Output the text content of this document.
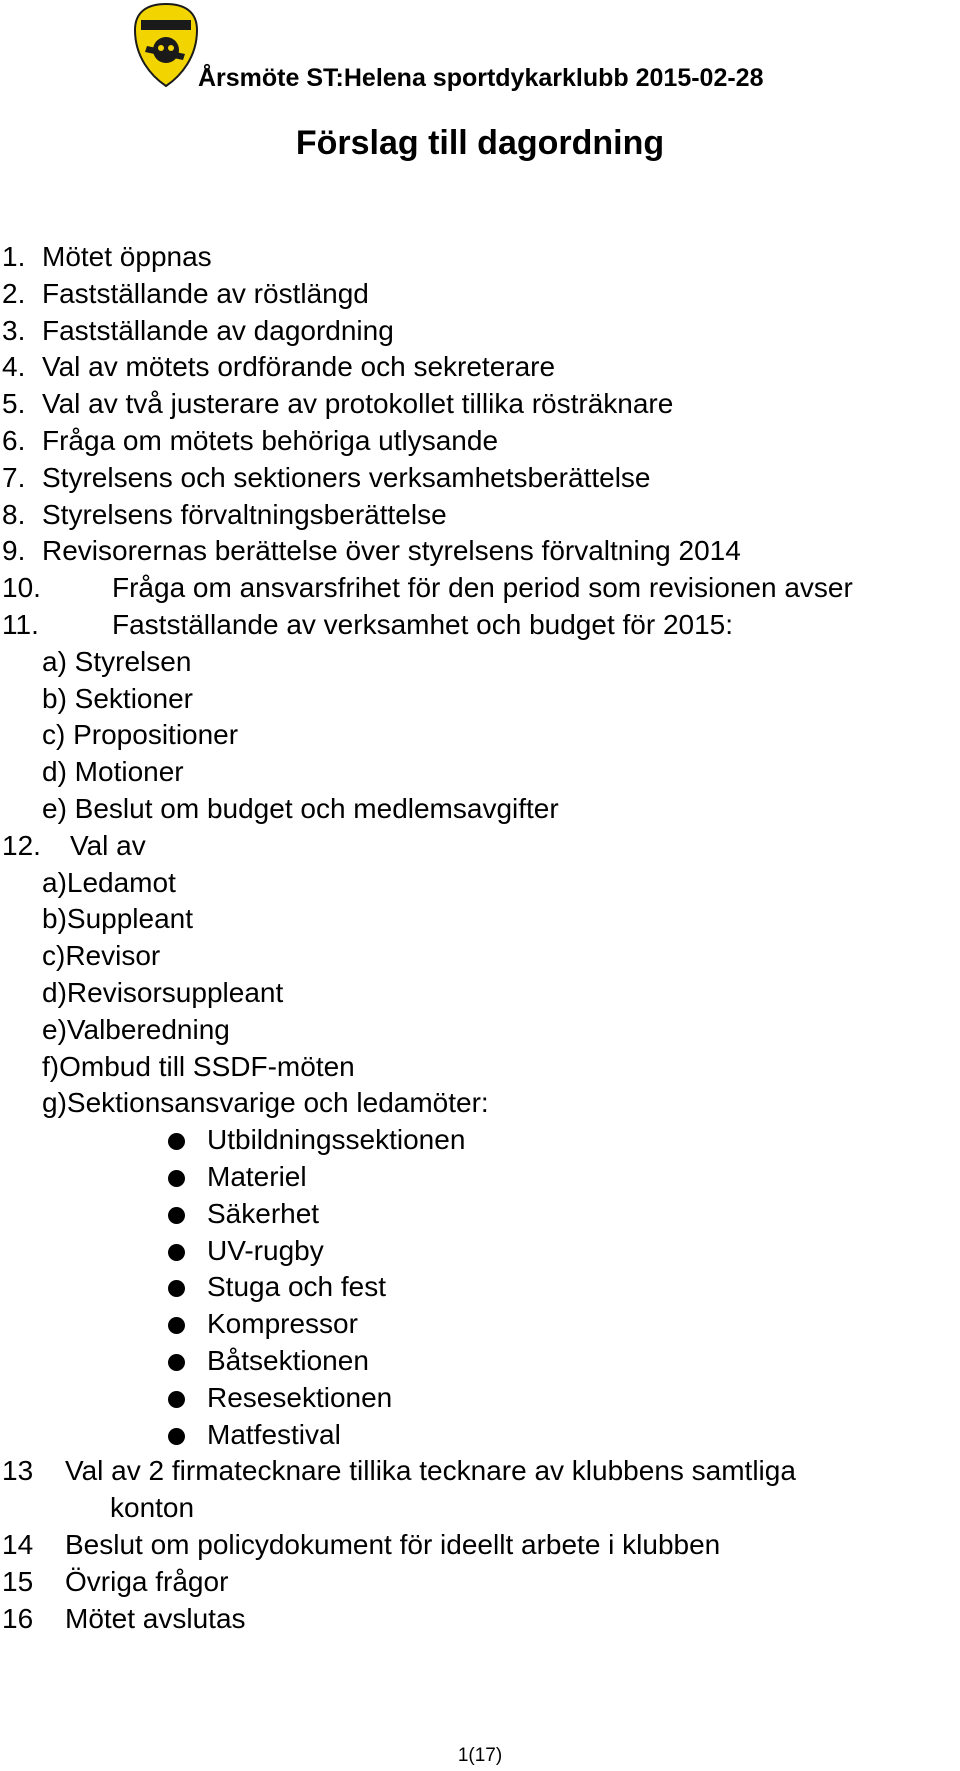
Årsmöte ST:Helena sportdykarklubb 2015-02-28
Förslag till dagordning
1. Mötet öppnas
2. Fastställande av röstlängd
3. Fastställande av dagordning
4. Val av mötets ordförande och sekreterare
5. Val av två justerare av protokollet tillika rösträknare
6. Fråga om mötets behöriga utlysande
7. Styrelsens och sektioners verksamhetsberättelse
8. Styrelsens förvaltningsberättelse
9. Revisorernas berättelse över styrelsens förvaltning 2014
10.	Fråga om ansvarsfrihet för den period som revisionen avser
11.	Fastställande av verksamhet och budget för 2015:
a) Styrelsen
b) Sektioner
c) Propositioner
d) Motioner
e) Beslut om budget och medlemsavgifter
12. Val av
a)Ledamot
b)Suppleant
c)Revisor
d)Revisorsuppleant
e)Valberedning
f)Ombud till SSDF-möten
g)Sektionsansvarige och ledamöter:
Utbildningssektionen
Materiel
Säkerhet
UV-rugby
Stuga och fest
Kompressor
Båtsektionen
Resesektionen
Matfestival
13 Val av 2 firmatecknare tillika tecknare av klubbens samtliga
konton
14 Beslut om policydokument för ideellt arbete i klubben
15 Övriga frågor
16 Mötet avslutas
1(17)
